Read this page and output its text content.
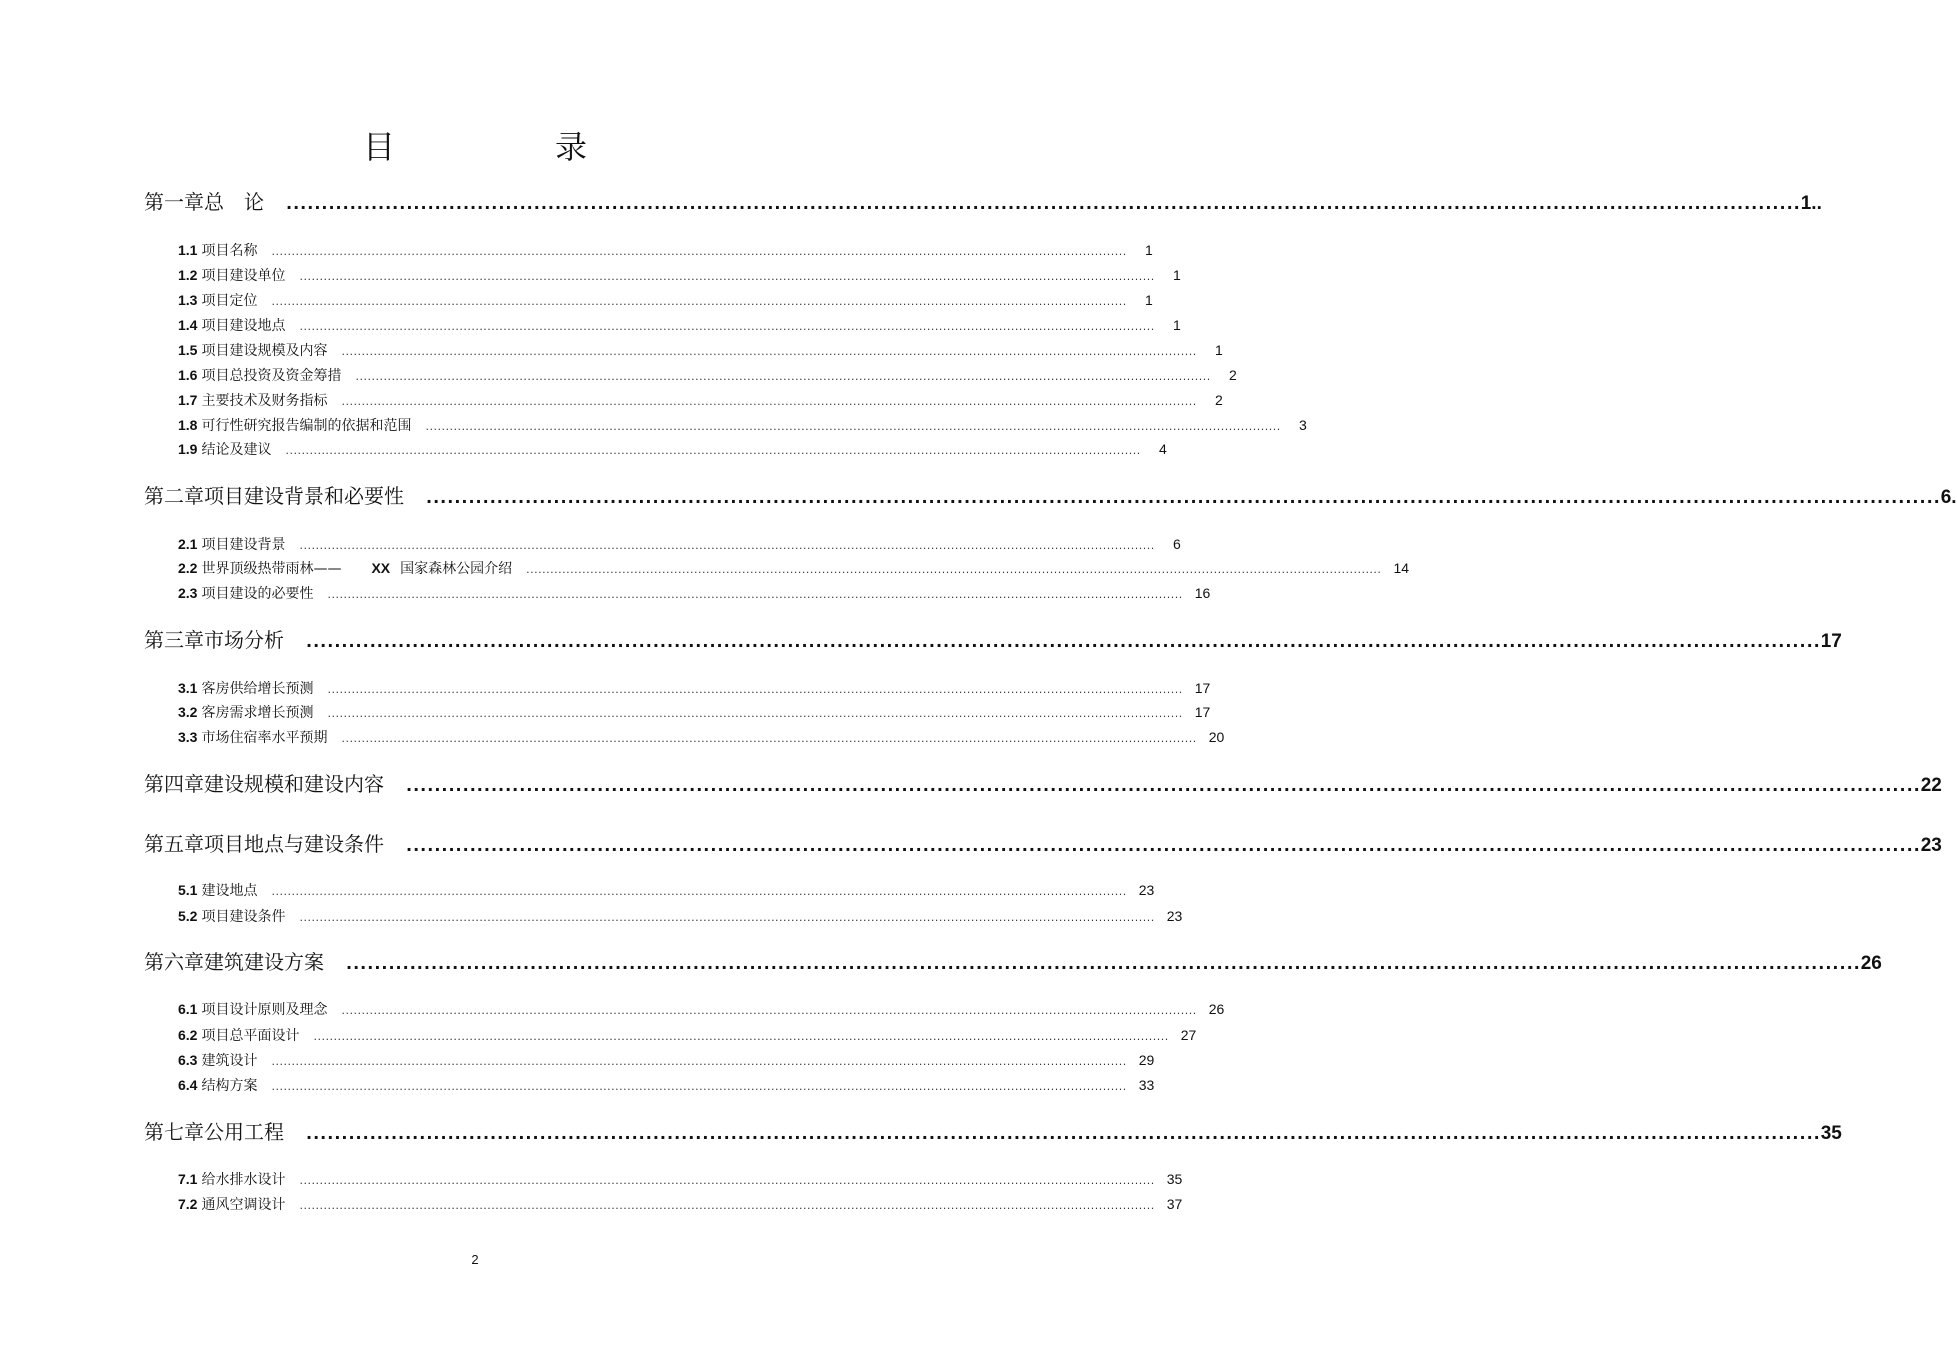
目　录
第一章 总　论 ...................................................................................................................................................................................................................... 1..
1.1 项目名称 ......................................................................................................................................................................................................................	1
1.2 项目建设单位 ......................................................................................................................................................................................................................	1
1.3 项目定位 ......................................................................................................................................................................................................................	1
1.4 项目建设地点 ......................................................................................................................................................................................................................	1
1.5 项目建设规模及内容 ......................................................................................................................................................................................................................	1
1.6 项目总投资及资金筹措 ......................................................................................................................................................................................................................	2
1.7 主要技术及财务指标 ......................................................................................................................................................................................................................	2
1.8 可行性研究报告编制的依据和范围 ......................................................................................................................................................................................................................	3
1.9 结论及建议 ......................................................................................................................................................................................................................	4
第二章 项目建设背景和必要性 ...................................................................................................................................................................................................................... 6.
2.1 项目建设背景 ......................................................................................................................................................................................................................	6
2.2 世界顶级热带雨林—— XX 国家森林公园介绍 ...................................................................................................................................................................................................................... 14
2.3 项目建设的必要性 ...................................................................................................................................................................................................................... 16
第三章 市场分析 ...................................................................................................................................................................................................................... 17
3.1 客房供给增长预测 ...................................................................................................................................................................................................................... 17
3.2 客房需求增长预测 ...................................................................................................................................................................................................................... 17
3.3 市场住宿率水平预期 ...................................................................................................................................................................................................................... 20
第四章 建设规模和建设内容 ...................................................................................................................................................................................................................... 22
第五章 项目地点与建设条件 ...................................................................................................................................................................................................................... 23
5.1 建设地点 ...................................................................................................................................................................................................................... 23
5.2 项目建设条件 ...................................................................................................................................................................................................................... 23
第六章 建筑建设方案 ...................................................................................................................................................................................................................... 26
6.1 项目设计原则及理念 ...................................................................................................................................................................................................................... 26
6.2 项目总平面设计 ...................................................................................................................................................................................................................... 27
6.3 建筑设计 ...................................................................................................................................................................................................................... 29
6.4 结构方案 ...................................................................................................................................................................................................................... 33
第七章 公用工程 ...................................................................................................................................................................................................................... 35
7.1 给水排水设计 ...................................................................................................................................................................................................................... 35
7.2 通风空调设计 ...................................................................................................................................................................................................................... 37
2
